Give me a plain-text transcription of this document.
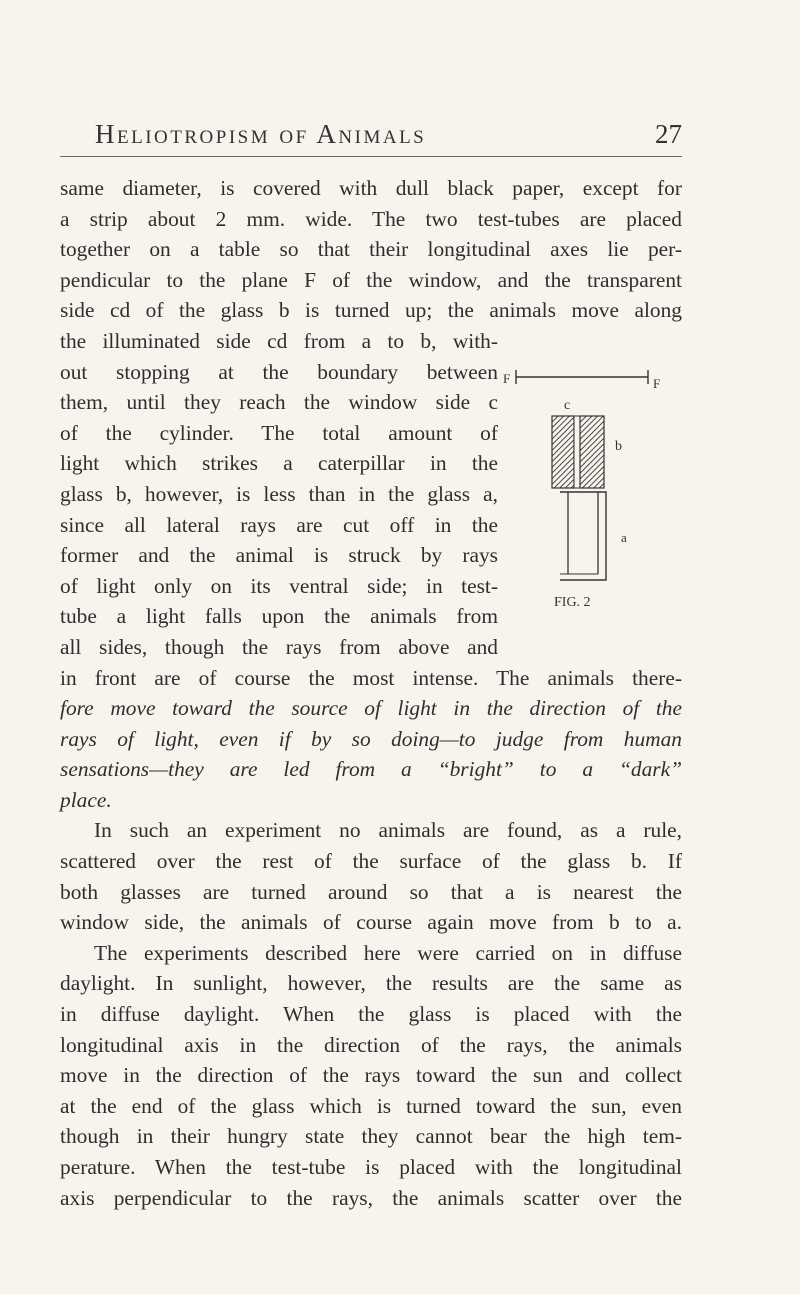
Heliotropism of Animals	27
same diameter, is covered with dull black paper, except for
a strip about 2 mm. wide. The two test-tubes are placed
together on a table so that their longitudinal axes lie per-
pendicular to the plane F of the window, and the transparent
side cd of the glass b is turned up; the animals move along
the illuminated side cd from a to b, with-
out stopping at the boundary between
them, until they reach the window side c
of the cylinder. The total amount of
light which strikes a caterpillar in the
glass b, however, is less than in the glass a,
since all lateral rays are cut off in the
former and the animal is struck by rays
of light only on its ventral side; in test-
tube a light falls upon the animals from
all sides, though the rays from above and
in front are of course the most intense. The animals there-
fore move toward the source of light in the direction of the
rays of light, even if by so doing—to judge from human
sensations—they are led from a “bright” to a “dark”
place.
In such an experiment no animals are found, as a rule,
scattered over the rest of the surface of the glass b. If
both glasses are turned around so that a is nearest the
window side, the animals of course again move from b to a.
The experiments described here were carried on in diffuse
daylight. In sunlight, however, the results are the same as
in diffuse daylight. When the glass is placed with the
longitudinal axis in the direction of the rays, the animals
move in the direction of the rays toward the sun and collect
at the end of the glass which is turned toward the sun, even
though in their hungry state they cannot bear the high tem-
perature. When the test-tube is placed with the longitudinal
axis perpendicular to the rays, the animals scatter over the
F	F
c
b
a
FIG. 2
